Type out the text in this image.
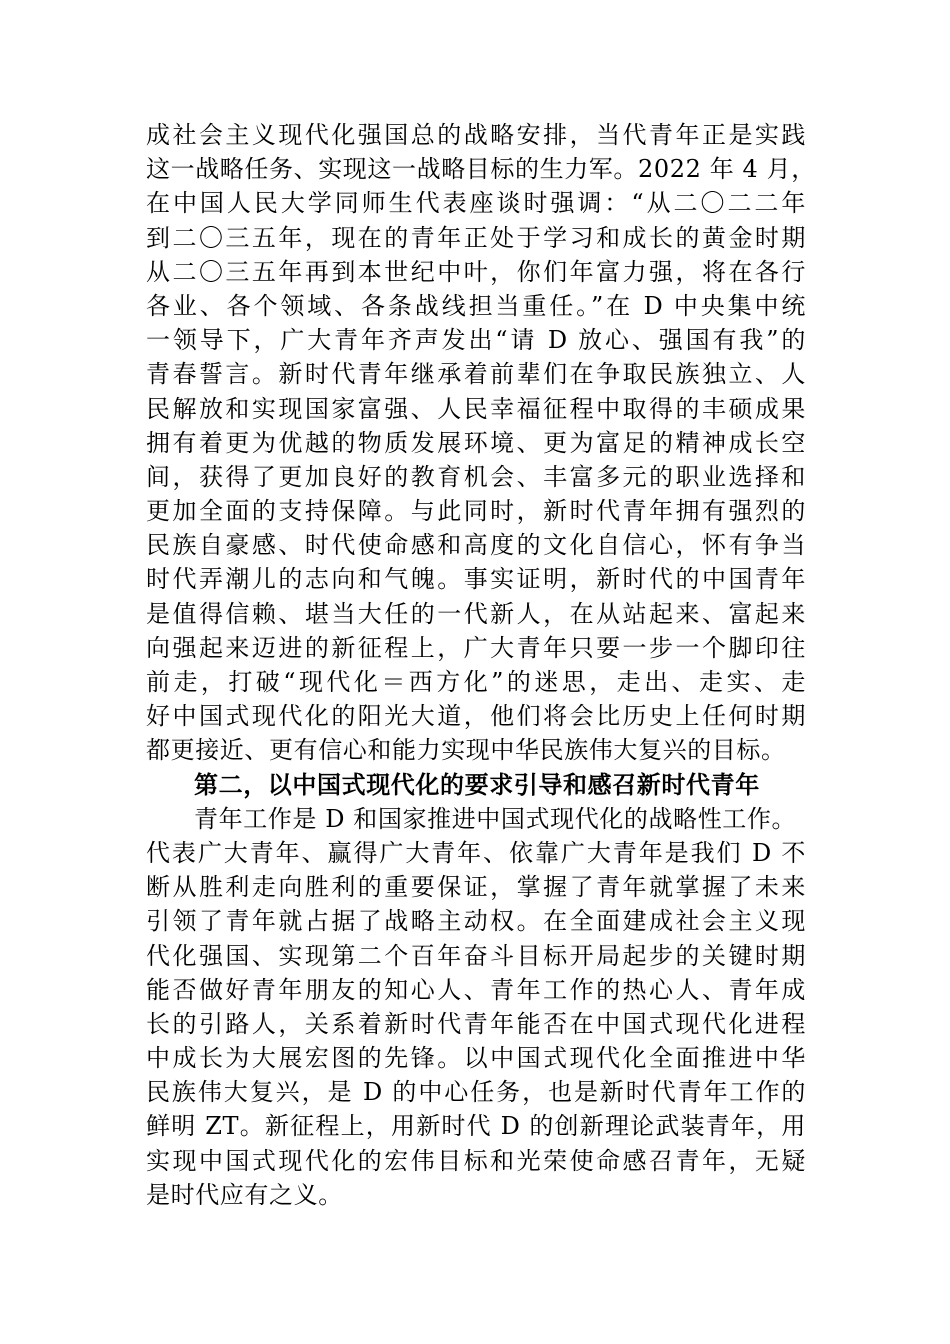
成社会主义现代化强国总的战略安排，当代青年正是实践
这一战略任务、实现这一战略目标的生力军。2022 年 4 月，
在中国人民大学同师生代表座谈时强调：“从二〇二二年
到二〇三五年，现在的青年正处于学习和成长的黄金时期
从二〇三五年再到本世纪中叶，你们年富力强，将在各行
各业、各个领域、各条战线担当重任。”在 D 中央集中统
一领导下，广大青年齐声发出“请 D 放心、强国有我”的
青春誓言。新时代青年继承着前辈们在争取民族独立、人
民解放和实现国家富强、人民幸福征程中取得的丰硕成果
拥有着更为优越的物质发展环境、更为富足的精神成长空
间，获得了更加良好的教育机会、丰富多元的职业选择和
更加全面的支持保障。与此同时，新时代青年拥有强烈的
民族自豪感、时代使命感和高度的文化自信心，怀有争当
时代弄潮儿的志向和气魄。事实证明，新时代的中国青年
是值得信赖、堪当大任的一代新人，在从站起来、富起来
向强起来迈进的新征程上，广大青年只要一步一个脚印往
前走，打破“现代化＝西方化”的迷思，走出、走实、走
好中国式现代化的阳光大道，他们将会比历史上任何时期
都更接近、更有信心和能力实现中华民族伟大复兴的目标。
第二，以中国式现代化的要求引导和感召新时代青年
青年工作是 D 和国家推进中国式现代化的战略性工作。
代表广大青年、赢得广大青年、依靠广大青年是我们 D 不
断从胜利走向胜利的重要保证，掌握了青年就掌握了未来
引领了青年就占据了战略主动权。在全面建成社会主义现
代化强国、实现第二个百年奋斗目标开局起步的关键时期
能否做好青年朋友的知心人、青年工作的热心人、青年成
长的引路人，关系着新时代青年能否在中国式现代化进程
中成长为大展宏图的先锋。以中国式现代化全面推进中华
民族伟大复兴，是 D 的中心任务，也是新时代青年工作的
鲜明 ZT。新征程上，用新时代 D 的创新理论武装青年，用
实现中国式现代化的宏伟目标和光荣使命感召青年，无疑
是时代应有之义。
